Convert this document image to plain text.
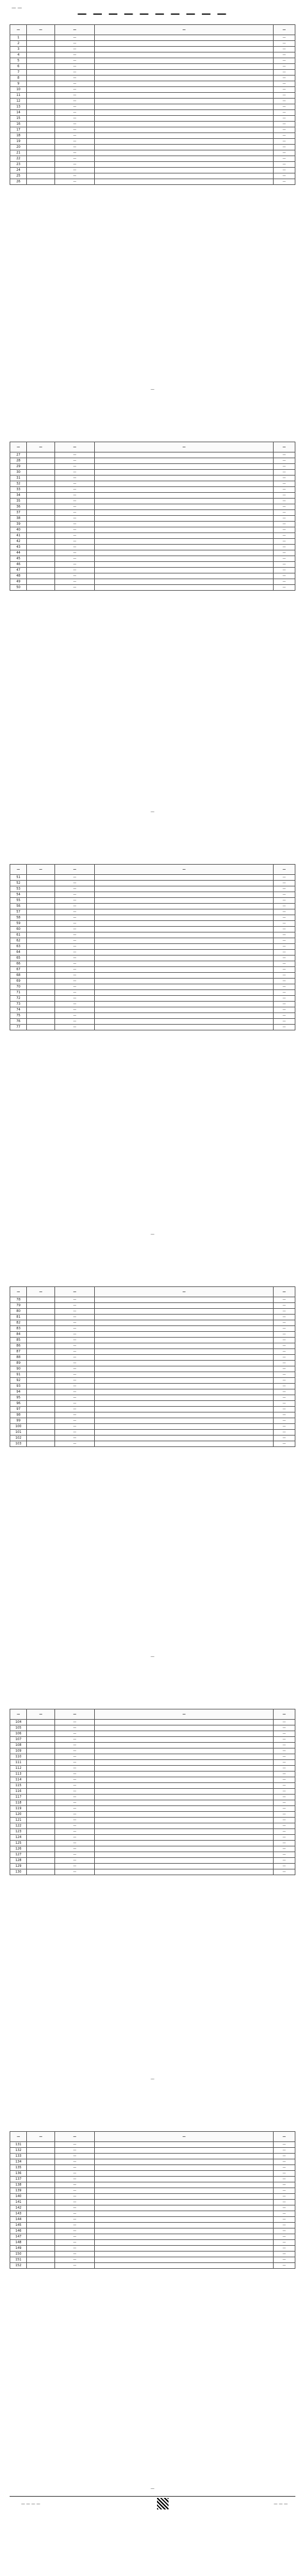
— —	— — — — — — — — — —
—	—	—	—	—
1		—		—
2		—		—
3		—		—
4		—		—
5		—		—
6		—		—
7		—		—
8		—		—
9		—		—
10		—		—
11		—		—
12		—		—
13		—		—
14		—		—
15		—		—
16		—		—
17		—		—
18		—		—
19		—		—
20		—		—
21		—		—
22		—		—
23		—		—
24		—		—
25		—		—
26		—		—
—
—	—	—	—	—
27		—		—
28		—		—
29		—		—
30		—		—
31		—		—
32		—		—
33		—		—
34		—		—
35		—		—
36		—		—
37		—		—
38		—		—
39		—		—
40		—		—
41		—		—
42		—		—
43		—		—
44		—		—
45		—		—
46		—		—
47		—		—
48		—		—
49		—		—
50		—		—
—
—	—	—	—	—
51		—		—
52		—		—
53		—		—
54		—		—
55		—		—
56		—		—
57		—		—
58		—		—
59		—		—
60		—		—
61		—		—
62		—		—
63		—		—
64		—		—
65		—		—
66		—		—
67		—		—
68		—		—
69		—		—
70		—		—
71		—		—
72		—		—
73		—		—
74		—		—
75		—		—
76		—		—
77		—		—
—
—	—	—	—	—
78		—		—
79		—		—
80		—		—
81		—		—
82		—		—
83		—		—
84		—		—
85		—		—
86		—		—
87		—		—
88		—		—
89		—		—
90		—		—
91		—		—
92		—		—
93		—		—
94		—		—
95		—		—
96		—		—
97		—		—
98		—		—
99		—		—
100		—		—
101		—		—
102		—		—
103		—		—
—
—	—	—	—	—
104		—		—
105		—		—
106		—		—
107		—		—
108		—		—
109		—		—
110		—		—
111		—		—
112		—		—
113		—		—
114		—		—
115		—		—
116		—		—
117		—		—
118		—		—
119		—		—
120		—		—
121		—		—
122		—		—
123		—		—
124		—		—
125		—		—
126		—		—
127		—		—
128		—		—
129		—		—
130		—		—
—
—	—	—	—	—
131		—		—
132		—		—
133		—		—
134		—		—
135		—		—
136		—		—
137		—		—
138		—		—
139		—		—
140		—		—
141		—		—
142		—		—
143		—		—
144		—		—
145		—		—
146		—		—
147		—		—
148		—		—
149		—		—
150		—		—
151		—		—
152		—		—
—
— — — —	— — —
